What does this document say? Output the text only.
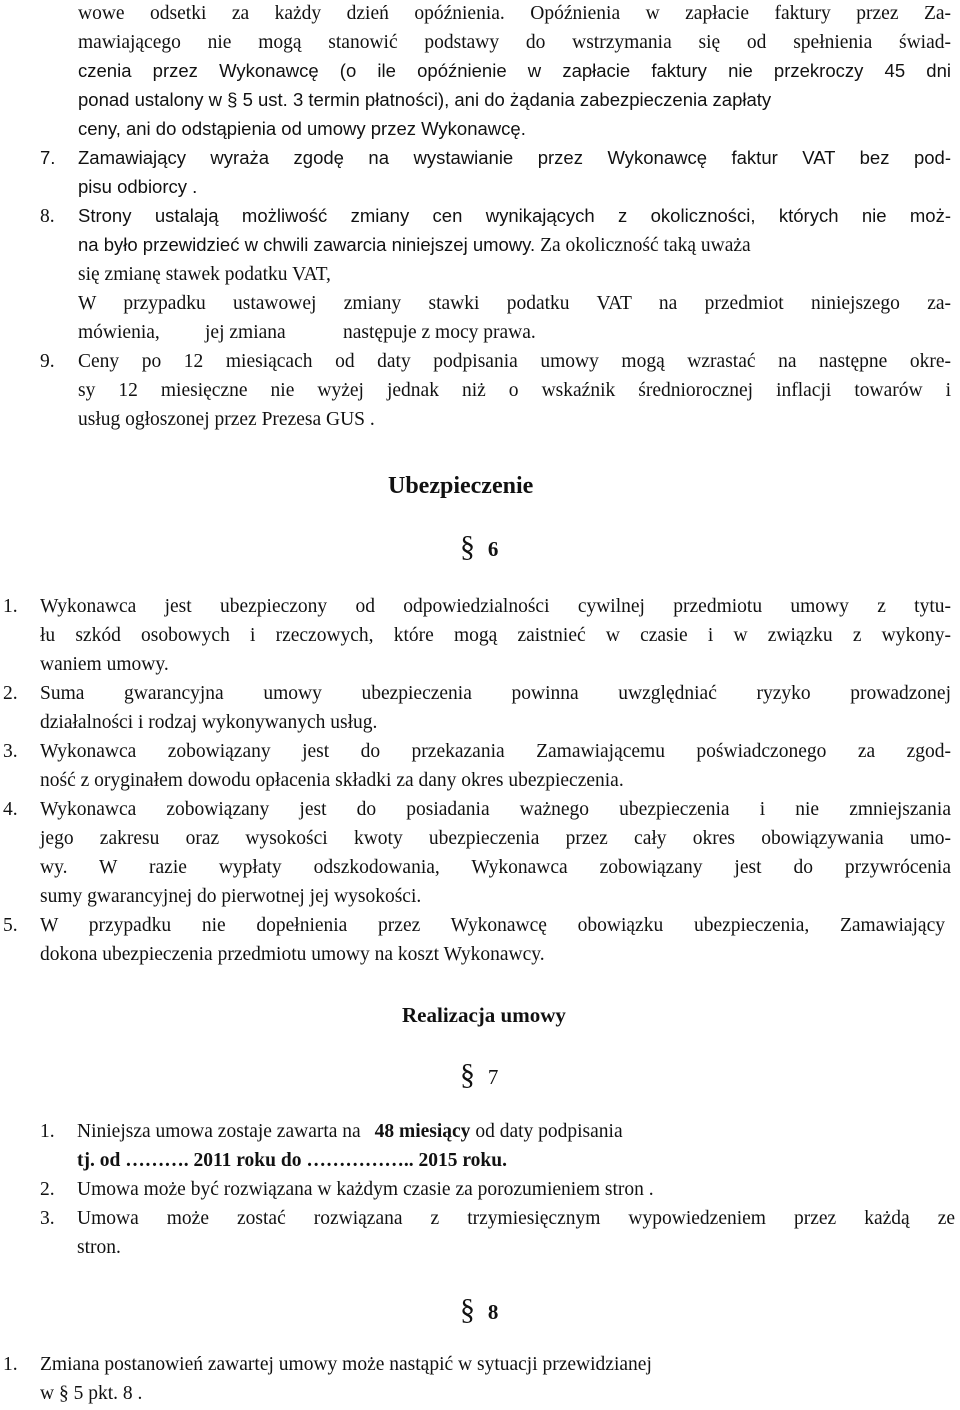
wowe odsetki za każdy dzień opóźnienia. Opóźnienia w zapłacie faktury przez Za-
mawiającego nie mogą stanowić podstawy do wstrzymania się od spełnienia świad-
czenia przez Wykonawcę (o ile opóźnienie w zapłacie faktury nie przekroczy 45 dni
ponad ustalony w § 5 ust. 3 termin płatności), ani do żądania zabezpieczenia zapłaty
ceny, ani do odstąpienia od umowy przez Wykonawcę.
7. Zamawiający wyraża zgodę na wystawianie przez Wykonawcę faktur VAT bez pod-
pisu odbiorcy .
8. Strony ustalają możliwość zmiany cen wynikających z okoliczności, których nie moż-
na było przewidzieć w chwili zawarcia niniejszej umowy. Za okoliczność taką uważa
się zmianę stawek podatku VAT,
W przypadku ustawowej zmiany stawki podatku VAT na przedmiot niniejszego za-
mówienia, jej zmiana	następuje z mocy prawa.
9. Ceny po 12 miesiącach od daty podpisania umowy mogą wzrastać na następne okre-
sy 12 miesięczne nie wyżej jednak niż o wskaźnik średniorocznej inflacji towarów i
usług ogłoszonej przez Prezesa GUS .
Ubezpieczenie
§ 6
1. Wykonawca jest ubezpieczony od odpowiedzialności cywilnej przedmiotu umowy z tytu-
łu szkód osobowych i rzeczowych, które mogą zaistnieć w czasie i w związku z wykony-
waniem umowy.
2. Suma gwarancyjna umowy ubezpieczenia powinna uwzględniać ryzyko prowadzonej
działalności i rodzaj wykonywanych usług.
3. Wykonawca zobowiązany jest do przekazania Zamawiającemu poświadczonego za zgod-
ność z oryginałem dowodu opłacenia składki za dany okres ubezpieczenia.
4. Wykonawca zobowiązany jest do posiadania ważnego ubezpieczenia i nie zmniejszania
jego zakresu oraz wysokości kwoty ubezpieczenia przez cały okres obowiązywania umo-
wy. W razie wypłaty odszkodowania, Wykonawca zobowiązany jest do przywrócenia
sumy gwarancyjnej do pierwotnej jej wysokości.
5. W przypadku nie dopełnienia przez Wykonawcę obowiązku ubezpieczenia, Zamawiający
dokona ubezpieczenia przedmiotu umowy na koszt Wykonawcy.
Realizacja umowy
§ 7
1. Niniejsza umowa zostaje zawarta na 48 miesiący od daty podpisania
tj. od ………. 2011 roku do …………….. 2015 roku.
2. Umowa może być rozwiązana w każdym czasie za porozumieniem stron .
3. Umowa może zostać rozwiązana z trzymiesięcznym wypowiedzeniem przez każdą ze
stron.
§ 8
1. Zmiana postanowień zawartej umowy może nastąpić w sytuacji przewidzianej
w § 5 pkt. 8 .
